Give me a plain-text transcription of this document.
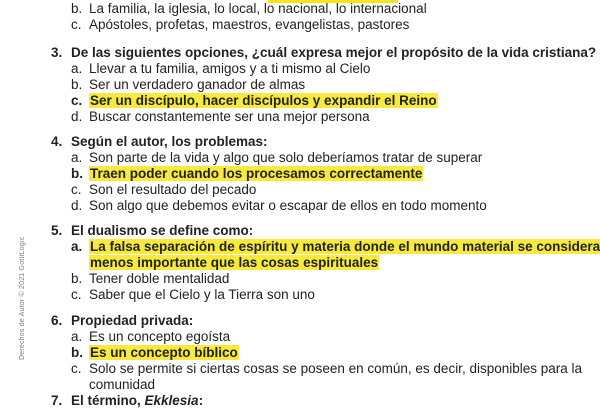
Derechos de Autor © 2021 GotItLogic
b. La familia, la iglesia, lo local, lo nacional, lo internacional
c. Apóstoles, profetas, maestros, evangelistas, pastores
3. De las siguientes opciones, ¿cuál expresa mejor el propósito de la vida cristiana?
a. Llevar a tu familia, amigos y a ti mismo al Cielo
b. Ser un verdadero ganador de almas
c. Ser un discípulo, hacer discípulos y expandir el Reino
d. Buscar constantemente ser una mejor persona
4. Según el autor, los problemas:
a. Son parte de la vida y algo que solo deberíamos tratar de superar
b. Traen poder cuando los procesamos correctamente
c. Son el resultado del pecado
d. Son algo que debemos evitar o escapar de ellos en todo momento
5. El dualismo se define como:
a. La falsa separación de espíritu y materia donde el mundo material se considera
menos importante que las cosas espirituales
b. Tener doble mentalidad
c. Saber que el Cielo y la Tierra son uno
6. Propiedad privada:
a. Es un concepto egoísta
b. Es un concepto bíblico
c. Solo se permite si ciertas cosas se poseen en común, es decir, disponibles para la
comunidad
7. El término, Ekklesia:
